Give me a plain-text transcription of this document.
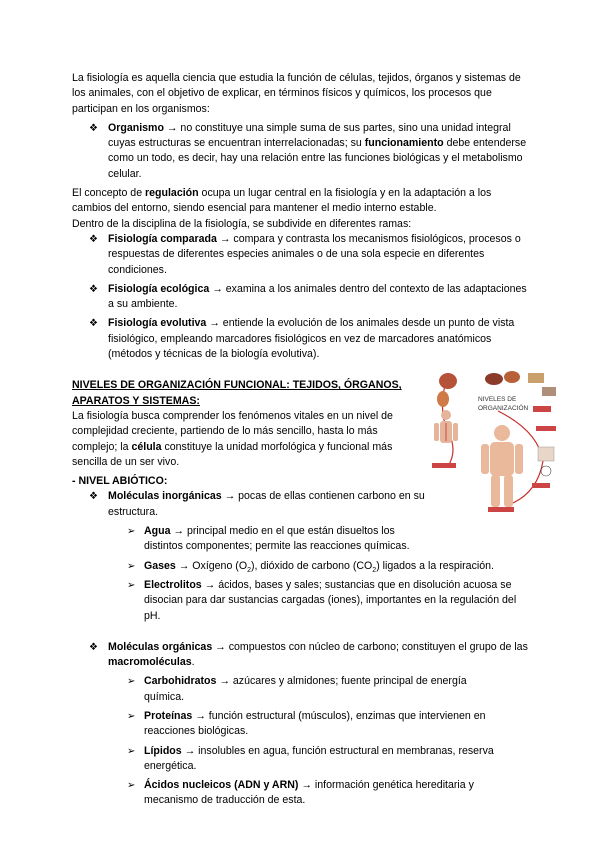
La fisiología es aquella ciencia que estudia la función de células, tejidos, órganos y sistemas de los animales, con el objetivo de explicar, en términos físicos y químicos, los procesos que participan en los organismos:

❖ Organismo → no constituye una simple suma de sus partes, sino una unidad integral cuyas estructuras se encuentran interrelacionadas; su funcionamiento debe entenderse como un todo, es decir, hay una relación entre las funciones biológicas y el metabolismo celular.

El concepto de regulación ocupa un lugar central en la fisiología y en la adaptación a los cambios del entorno, siendo esencial para mantener el medio interno estable.

Dentro de la disciplina de la fisiología, se subdivide en diferentes ramas:

❖ Fisiología comparada → compara y contrasta los mecanismos fisiológicos, procesos o respuestas de diferentes especies animales o de una sola especie en diferentes condiciones.
❖ Fisiología ecológica → examina a los animales dentro del contexto de las adaptaciones a su ambiente.
❖ Fisiología evolutiva → entiende la evolución de los animales desde un punto de vista fisiológico, empleando marcadores fisiológicos en vez de marcadores anatómicos (métodos y técnicas de la biología evolutiva).

NIVELES DE ORGANIZACIÓN FUNCIONAL: TEJIDOS, ÓRGANOS, APARATOS Y SISTEMAS:

La fisiología busca comprender los fenómenos vitales en un nivel de complejidad creciente, partiendo de lo más sencillo, hasta lo más complejo; la célula constituye la unidad morfológica y funcional más sencilla de un ser vivo.

- NIVEL ABIÓTICO:

❖ Moléculas inorgánicas → pocas de ellas contienen carbono en su estructura.
➢ Agua → principal medio en el que están disueltos los distintos componentes; permite las reacciones químicas.
➢ Gases → Oxígeno $(O_2)$, dióxido de carbono $(CO_2)$ ligados a la respiración.
➢ Electrolitos → ácidos, bases y sales; sustancias que en disolución acuosa se disocian para dar sustancias cargadas (iones), importantes en la regulación del pH.
❖ Moléculas orgánicas → compuestos con núcleo de carbono; constituyen el grupo de las macromoléculas.
➢ Carbohidratos → azúcares y almidones; fuente principal de energía química.
➢ Proteínas → función estructural (músculos), enzimas que intervienen en reacciones biológicas.
➢ Lípidos → insolubles en agua, función estructural en membranas, reserva energética.
➢ Ácidos nucleicos (ADN y ARN) → información genética hereditaria y mecanismo de traducción de esta.
NIVELES DE
ORGANIZACIÓN
